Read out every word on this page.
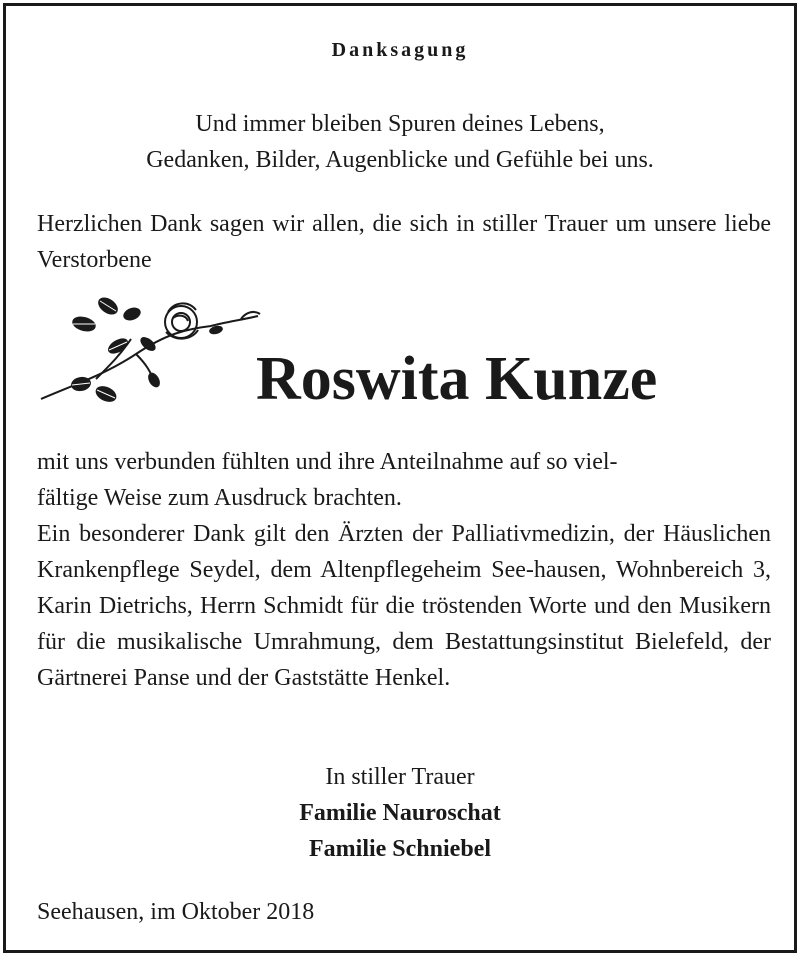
Danksagung
Und immer bleiben Spuren deines Lebens,
Gedanken, Bilder, Augenblicke und Gefühle bei uns.
Herzlichen Dank sagen wir allen, die sich in stiller Trauer um unsere liebe Verstorbene
Roswita Kunze

mit uns verbunden fühlten und ihre Anteilnahme auf so viel-

fältige Weise zum Ausdruck brachten.

Ein besonderer Dank gilt den Ärzten der Palliativmedizin, der Häuslichen Krankenpflege Seydel, dem Altenpflegeheim See-hausen, Wohnbereich 3, Karin Dietrichs, Herrn Schmidt für die tröstenden Worte und den Musikern für die musikalische Umrahmung, dem Bestattungsinstitut Bielefeld, der Gärtnerei Panse und der Gaststätte Henkel.

In stiller Trauer
Familie Nauroschat
Familie Schniebel
Seehausen, im Oktober 2018
